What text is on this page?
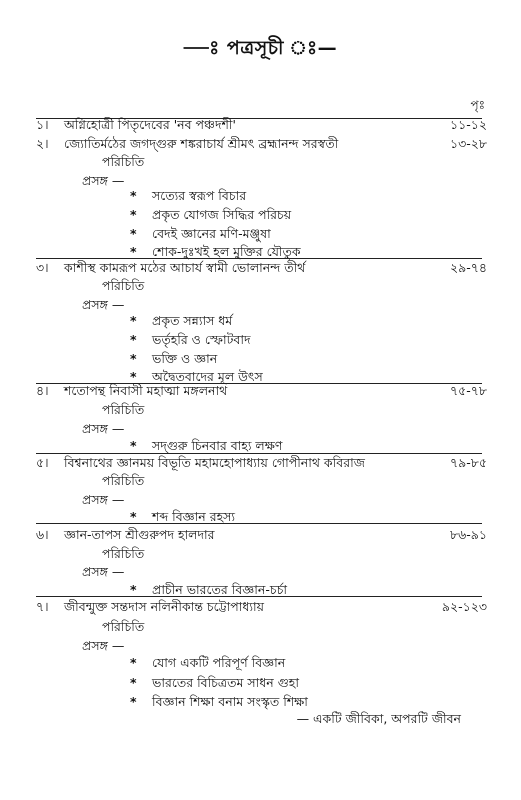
—ঃ পত্রসূচী ঃ—
পৃঃ
১। অগ্নিহোত্রী পিতৃদেবের 'নব পঞ্চদশী'	১১-১২
২। জ্যোতির্মঠের জগদ্গুরু শঙ্করাচার্য শ্রীমৎ ব্রহ্মানন্দ সরস্বতী	১৩-২৮
পরিচিতি
প্রসঙ্গ —
* সত্যের স্বরূপ বিচার
* প্রকৃত যোগজ সিদ্ধির পরিচয়
* বেদই জ্ঞানের মণি-মঞ্জুষা
* শোক-দুঃখই হল মুক্তির যৌতুক
৩। কাশীস্থ কামরূপ মঠের আচার্য স্বামী ভোলানন্দ তীর্থ	২৯-৭৪
পরিচিতি
প্রসঙ্গ —
* প্রকৃত সন্ন্যাস ধর্ম
* ভর্তৃহরি ও স্ফোটবাদ
* ভক্তি ও জ্ঞান
* অদ্বৈতবাদের মূল উৎস
৪। শতোপন্থ নিবাসী মহাত্মা মঙ্গলনাথ	৭৫-৭৮
পরিচিতি
প্রসঙ্গ —
* সদ্গুরু চিনবার বাহ্য লক্ষণ
৫। বিশ্বনাথের জ্ঞানময় বিভূতি মহামহোপাধ্যায় গোপীনাথ কবিরাজ	৭৯-৮৫
পরিচিতি
প্রসঙ্গ —
* শব্দ বিজ্ঞান রহস্য
৬। জ্ঞান-তাপস শ্রীগুরুপদ হালদার	৮৬-৯১
পরিচিতি
প্রসঙ্গ —
* প্রাচীন ভারতের বিজ্ঞান-চর্চা
৭। জীবন্মুক্ত সন্তদাস নলিনীকান্ত চট্টোপাধ্যায়	৯২-১২৩
পরিচিতি
প্রসঙ্গ —
* যোগ একটি পরিপূর্ণ বিজ্ঞান
* ভারতের বিচিত্রতম সাধন গুহা
* বিজ্ঞান শিক্ষা বনাম সংস্কৃত শিক্ষা
— একটি জীবিকা, অপরটি জীবন
